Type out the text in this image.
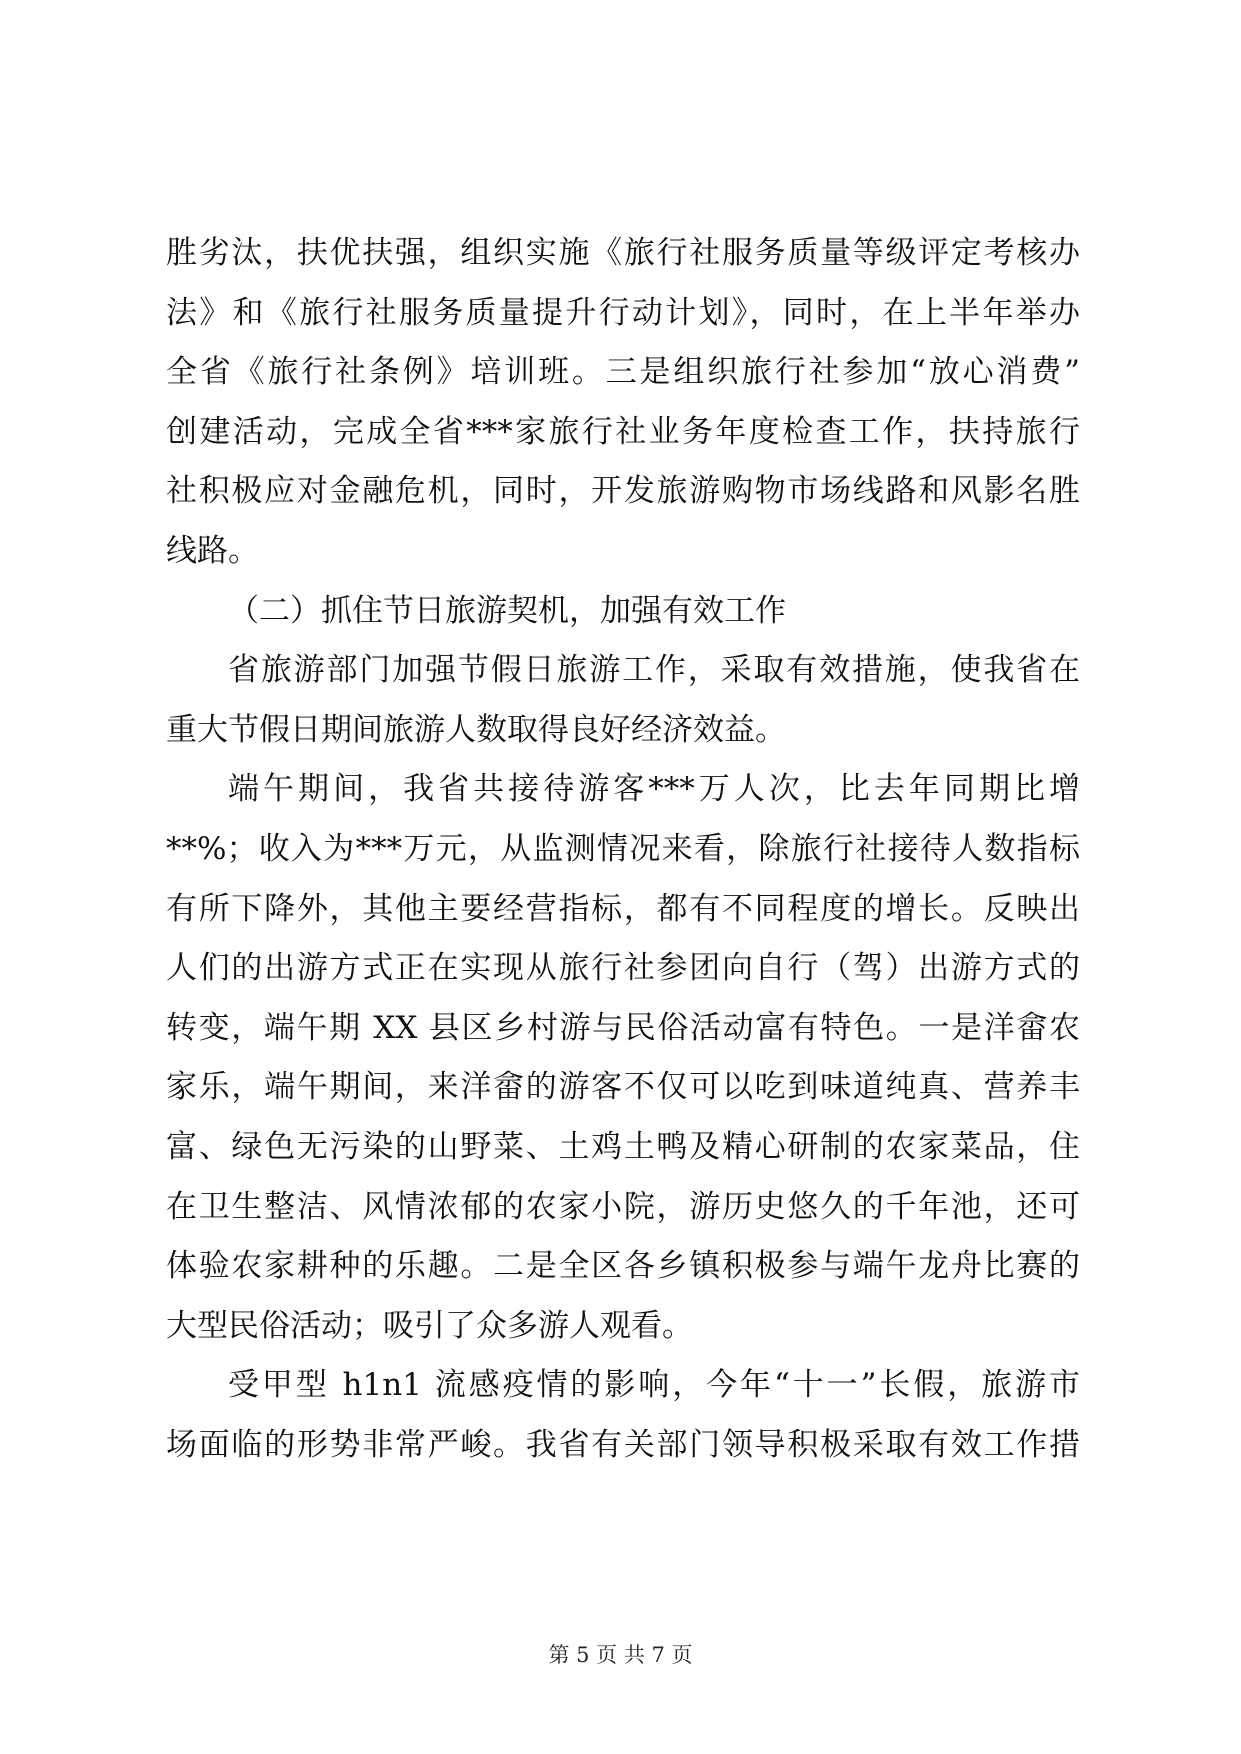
胜劣汰，扶优扶强，组织实施《旅行社服务质量等级评定考核办
法》和《旅行社服务质量提升行动计划》，同时，在上半年举办
全省《旅行社条例》培训班。三是组织旅行社参加“放心消费”
创建活动，完成全省***家旅行社业务年度检查工作，扶持旅行
社积极应对金融危机，同时，开发旅游购物市场线路和风影名胜
线路。
（二）抓住节日旅游契机，加强有效工作
省旅游部门加强节假日旅游工作，采取有效措施，使我省在
重大节假日期间旅游人数取得良好经济效益。
端午期间，我省共接待游客***万人次，比去年同期比增
**%；收入为***万元，从监测情况来看，除旅行社接待人数指标
有所下降外，其他主要经营指标，都有不同程度的增长。反映出
人们的出游方式正在实现从旅行社参团向自行（驾）出游方式的
转变，端午期 XX 县区乡村游与民俗活动富有特色。一是洋畲农
家乐，端午期间，来洋畲的游客不仅可以吃到味道纯真、营养丰
富、绿色无污染的山野菜、土鸡土鸭及精心研制的农家菜品，住
在卫生整洁、风情浓郁的农家小院，游历史悠久的千年池，还可
体验农家耕种的乐趣。二是全区各乡镇积极参与端午龙舟比赛的
大型民俗活动；吸引了众多游人观看。
受甲型 h1n1 流感疫情的影响，今年“十一”长假，旅游市
场面临的形势非常严峻。我省有关部门领导积极采取有效工作措
第 5 页 共 7 页
